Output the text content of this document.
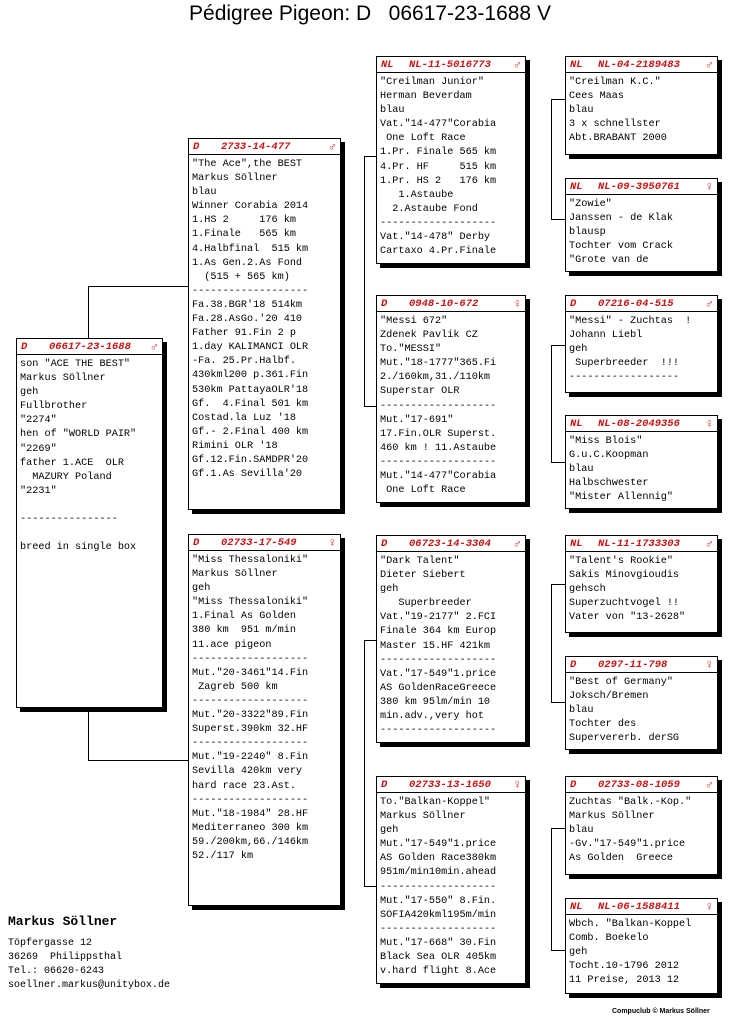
Pédigree Pigeon: D   06617-23-1688 V
D	06617-23-1688	♂
son "ACE THE BEST"
Markus Söllner
geh
Fullbrother
"2274"
hen of "WORLD PAIR"
"2269"
father 1.ACE  OLR
MAZURY Poland
"2231"
----------------
breed in single box
D	2733-14-477	♂
"The Ace",the BEST
Markus Söllner
blau
Winner Corabia 2014
1.HS 2     176 km
1.Finale   565 km
4.Halbfinal  515 km
1.As Gen.2.As Fond
(515 + 565 km)
-------------------
Fa.38.BGR'18 514km
Fa.28.AsGo.'20 410
Father 91.Fin 2 p
1.day KALIMANCI OLR
-Fa. 25.Pr.Halbf.
430kml200 p.361.Fin
530km PattayaOLR'18
Gf.  4.Final 501 km
Costad.la Luz '18
Gf.- 2.Final 400 km
Rimini OLR '18
Gf.12.Fin.SAMDPR'20
Gf.1.As Sevilla'20
D	02733-17-549	♀
"Miss Thessaloniki"
Markus Söllner
geh
"Miss Thessaloniki"
1.Final As Golden
380 km  951 m/min
11.ace pigeon
-------------------
Mut."20-3461"14.Fin
Zagreb 500 km
-------------------
Mut."20-3322"89.Fin
Superst.390km 32.HF
-------------------
Mut."19-2240" 8.Fin
Sevilla 420km very
hard race 23.Ast.
-------------------
Mut."18-1984" 28.HF
Mediterraneo 300 km
59./200km,66./146km
52./117 km
NL	NL-11-5016773	♂
"Creilman Junior"
Herman Beverdam
blau
Vat."14-477"Corabia
One Loft Race
1.Pr. Finale 565 km
4.Pr. HF     515 km
1.Pr. HS 2   176 km
1.Astaube
2.Astaube Fond
-------------------
Vat."14-478" Derby
Cartaxo 4.Pr.Finale
D	0948-10-672	♀
"Messi 672"
Zdenek Pavlik CZ
To."MESSI"
Mut."18-1777"365.Fi
2./160km,31./110km
Superstar OLR
-------------------
Mut."17-691"
17.Fin.OLR Superst.
460 km ! 11.Astaube
-------------------
Mut."14-477"Corabia
One Loft Race
D	06723-14-3304	♂
"Dark Talent"
Dieter Siebert
geh
Superbreeder
Vat."19-2177" 2.FCI
Finale 364 km Europ
Master 15.HF 421km
-------------------
Vat."17-549"1.price
AS GoldenRaceGreece
380 km 95lm/min 10
min.adv.,very hot
-------------------
D	02733-13-1650	♀
To."Balkan-Koppel"
Markus Söllner
geh
Mut."17-549"1.price
AS Golden Race380km
951m/min10min.ahead
-------------------
Mut."17-550" 8.Fin.
SOFIA420kml195m/min
-------------------
Mut."17-668" 30.Fin
Black Sea OLR 405km
v.hard flight 8.Ace
NL	NL-04-2189483	♂
"Creilman K.C."
Cees Maas
blau
3 x schnellster
Abt.BRABANT 2000
NL	NL-09-3950761	♀
"Zowie"
Janssen - de Klak
blausp
Tochter vom Crack
"Grote van de
D	07216-04-515	♂
"Messi" - Zuchtas  !
Johann Liebl
geh
Superbreeder  !!!
------------------
NL	NL-08-2049356	♀
"Miss Blois"
G.u.C.Koopman
blau
Halbschwester
"Mister Allennig"
NL	NL-11-1733303	♂
"Talent's Rookie"
Sakis Minovgioudis
gehsch
Superzuchtvogel !!
Vater von "13-2628"
D	0297-11-798	♀
"Best of Germany"
Joksch/Bremen
blau
Tochter des
Supervererb. derSG
D	02733-08-1059	♂
Zuchtas "Balk.-Kop."
Markus Söllner
blau
-Gv."17-549"1.price
As Golden  Greece
NL	NL-06-1588411	♀
Wbch. "Balkan-Koppel
Comb. Boekelo
geh
Tocht.10-1796 2012
11 Preise, 2013 12
Markus Söllner
Töpfergasse 12
36269  Philippsthal
Tel.: 06620-6243
soellner.markus@unitybox.de
Compuclub © Markus Söllner
